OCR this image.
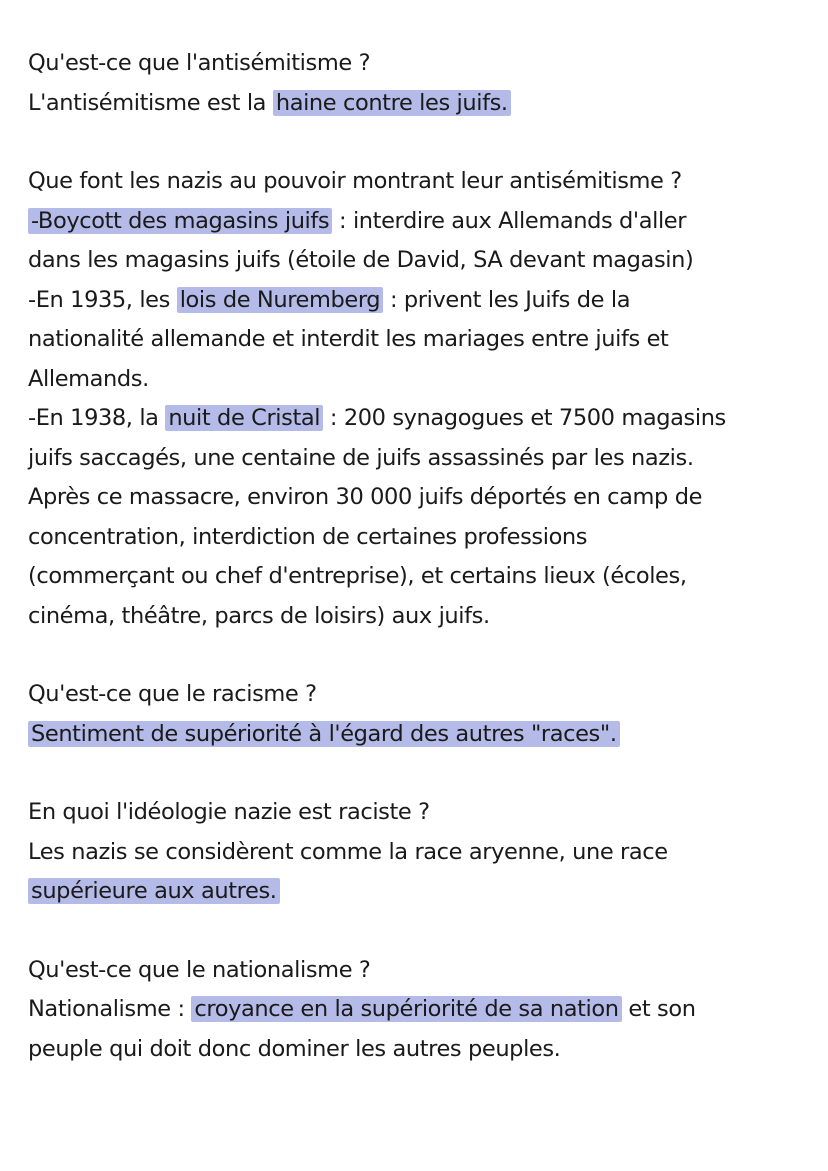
Qu'est-ce que l'antisémitisme ?
L'antisémitisme est la haine contre les juifs.
Que font les nazis au pouvoir montrant leur antisémitisme ?
-Boycott des magasins juifs : interdire aux Allemands d'aller
dans les magasins juifs (étoile de David, SA devant magasin)
-En 1935, les lois de Nuremberg : privent les Juifs de la
nationalité allemande et interdit les mariages entre juifs et
Allemands.
-En 1938, la nuit de Cristal : 200 synagogues et 7500 magasins
juifs saccagés, une centaine de juifs assassinés par les nazis.
Après ce massacre, environ 30 000 juifs déportés en camp de
concentration, interdiction de certaines professions
(commerçant ou chef d'entreprise), et certains lieux (écoles,
cinéma, théâtre, parcs de loisirs) aux juifs.
Qu'est-ce que le racisme ?
Sentiment de supériorité à l'égard des autres "races".
En quoi l'idéologie nazie est raciste ?
Les nazis se considèrent comme la race aryenne, une race
supérieure aux autres.
Qu'est-ce que le nationalisme ?
Nationalisme : croyance en la supériorité de sa nation et son
peuple qui doit donc dominer les autres peuples.
